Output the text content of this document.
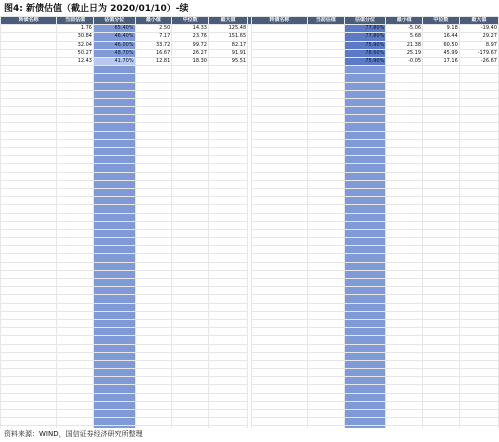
图4: 新债估值（截止日为 2020/01/10）-续
转债名称	当前估值	估值分位	最小值	中位数	最大值		转债名称	当前估值	估值分位	最小值	中位数	最大值
	1.76	65.40%	2.50	14.33	125.48				77.80%	-5.06	9.18	-19.40
	30.84	46.40%	7.17	23.76	151.65				77.80%	5.68	16.44	29.27
	32.04	46.00%	33.72	99.72	82.17				75.90%	21.38	60.50	8.97
	50.27	48.70%	16.67	26.27	91.91				78.60%	25.19	45.99	-179.67
	12.43	41.70%	12.81	18.30	95.51				75.90%	-0.05	17.16	-26.67

资料来源：WIND，国信证券经济研究所整理
